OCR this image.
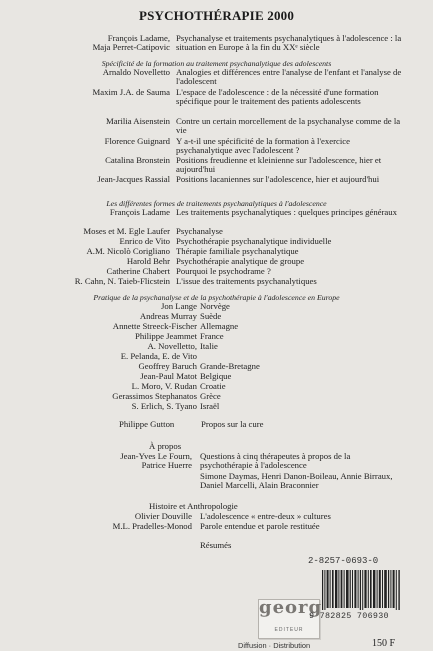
PSYCHOTHÉRAPIE 2000
François Ladame,
Maja Perret-Catipovic
Psychanalyse et traitements psychanalytiques à l'adolescence : la situation en Europe à la fin du XXᵉ siècle
Spécificité de la formation au traitement psychanalytique des adolescents
Arnaldo Novelletto Analogies et différences entre l'analyse de l'enfant et l'analyse de l'adolescent
Maxim J.A. de Sauma L'espace de l'adolescence : de la nécessité d'une formation spécifique pour le traitement des patients adolescents
Marilia Aisenstein Contre un certain morcellement de la psychanalyse comme de la vie
Florence Guignard Y a-t-il une spécificité de la formation à l'exercice psychanalytique avec l'adolescent ?
Catalina Bronstein Positions freudienne et kleinienne sur l'adolescence, hier et aujourd'hui
Jean-Jacques Rassial Positions lacaniennes sur l'adolescence, hier et aujourd'hui
Les différentes formes de traitements psychanalytiques à l'adolescence
François Ladame Les traitements psychanalytiques : quelques principes généraux
Moses et M. Egle Laufer Psychanalyse
Enrico de Vito Psychothérapie psychanalytique individuelle
A.M. Nicolò Corigliano Thérapie familiale psychanalytique
Harold Behr Psychothérapie analytique de groupe
Catherine Chabert Pourquoi le psychodrame ?
R. Cahn, N. Taieb-Flicstein L'issue des traitements psychanalytiques
Pratique de la psychanalyse et de la psychothérapie à l'adolescence en Europe
Jon Lange Norvège
Andreas Murray Suède
Annette Streeck-Fischer Allemagne
Philippe Jeammet France
A. Novelletto, Italie
E. Pelanda, E. de Vito
Geoffrey Baruch Grande-Bretagne
Jean-Paul Matot Belgique
L. Moro, V. Rudan Croatie
Gerassimos Stephanatos Grèce
S. Erlich, S. Tyano Israël
Philippe Gutton	Propos sur la cure
À propos
Jean-Yves Le Fourn,
Patrice Huerre
Questions à cinq thérapeutes à propos de la psychothérapie à l'adolescence
Simone Daymas, Henri Danon-Boileau, Annie Birraux,
Daniel Marcelli, Alain Braconnier
Histoire et Anthropologie
Olivier Douville L'adolescence « entre-deux » cultures
M.L. Pradelles-Monod Parole entendue et parole restituée
Résumés
2-8257-0693-0
georg
EDITEUR
9 782825 706930
Diffusion · Distribution	150 F
